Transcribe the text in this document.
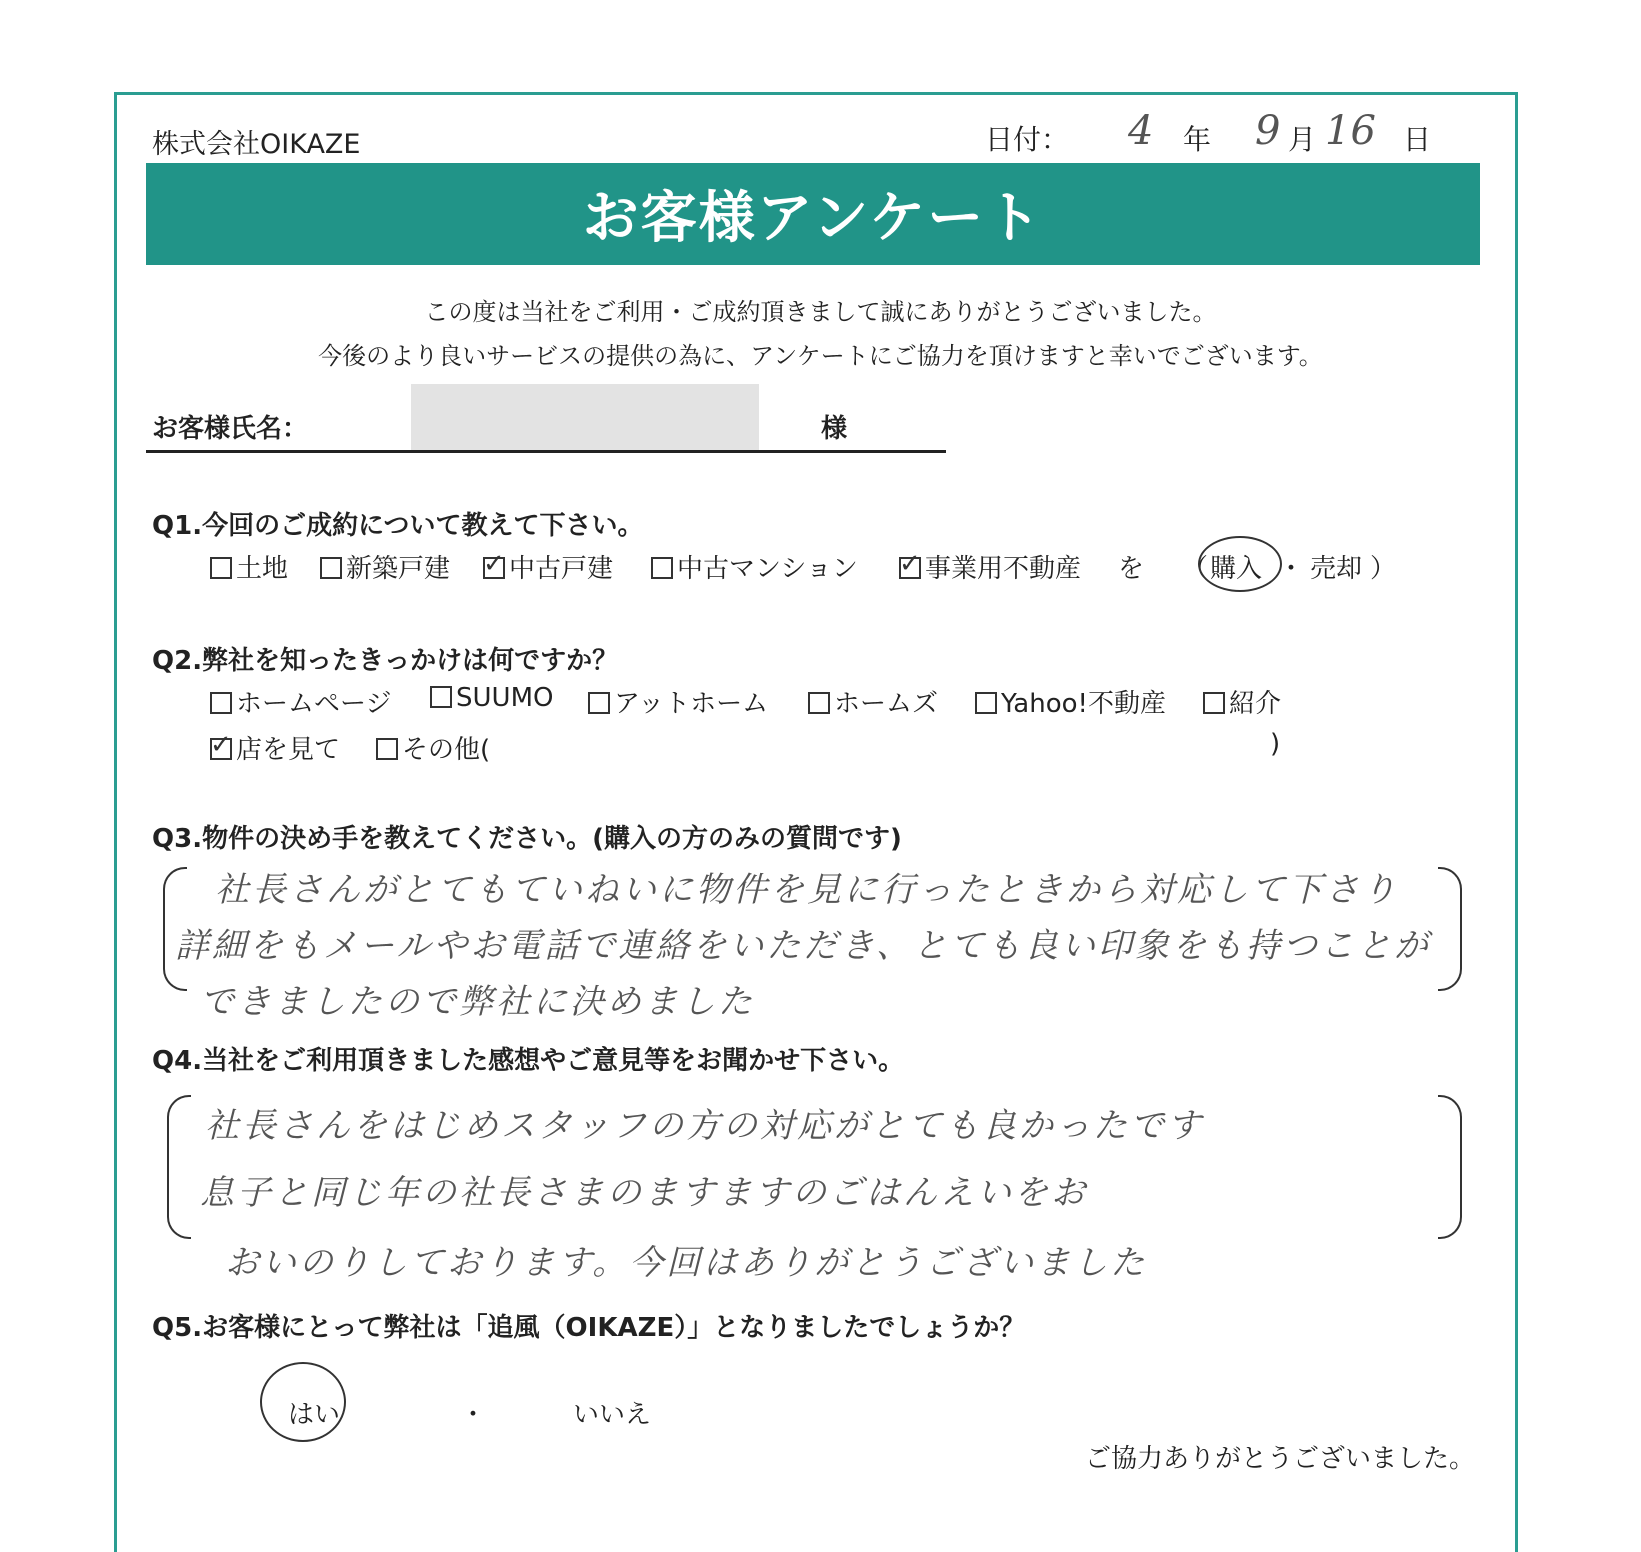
株式会社OIKAZE	日付： 4 年 9 月 16 日
お客様アンケート
この度は当社をご利用・ご成約頂きまして誠にありがとうございました。
今後のより良いサービスの提供の為に、アンケートにご協力を頂けますと幸いでございます。
お客様氏名：	様
Q1.今回のご成約について教えて下さい。
土地	新築戸建 ✓	中古戸建	中古マンション ✓	事業用不動産 を （ 購入 ・ 売却 ）
Q2.弊社を知ったきっかけは何ですか？
ホームページ	SUUMO	アットホーム	ホームズ	Yahoo!不動産	紹介
✓店を見て	その他(	)
Q3.物件の決め手を教えてください。(購入の方のみの質問です)
社長さんがとてもていねいに物件を見に行ったときから対応して下さり
詳細をもメールやお電話で連絡をいただき、とても良い印象をも持つことが
できましたので弊社に決めました
Q4.当社をご利用頂きました感想やご意見等をお聞かせ下さい。
社長さんをはじめスタッフの方の対応がとても良かったです
息子と同じ年の社長さまのますますのごはんえいをお
おいのりしております。今回はありがとうございました
Q5.お客様にとって弊社は「追風（OIKAZE）」となりましたでしょうか？
はい	・	いいえ
ご協力ありがとうございました。
